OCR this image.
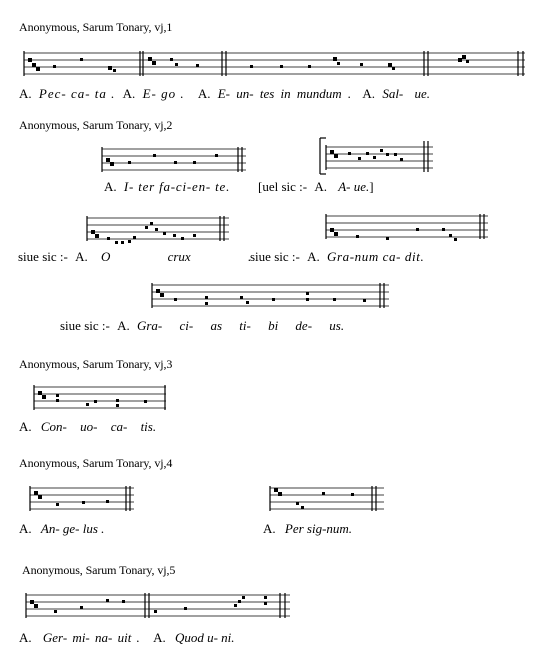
Anonymous, Sarum Tonary, vj,1
A. Pec- ca- ta . A. E- go . A. E- un- tes in mundum . A. Sal- ue.
Anonymous, Sarum Tonary, vj,2
A. I- ter fa-ci-en- te. [uel sic :- A. A- ue.]
siue sic :- A. O crux .
siue sic :- A. Gra-num ca- dit.
siue sic :- A. Gra- ci- as ti- bi de- us.
Anonymous, Sarum Tonary, vj,3
A. Con- uo- ca- tis.
Anonymous, Sarum Tonary, vj,4
A. An- ge- lus .	A. Per sig-num.
Anonymous, Sarum Tonary, vj,5
A. Ger- mi- na- uit . A. Quod u- ni.
